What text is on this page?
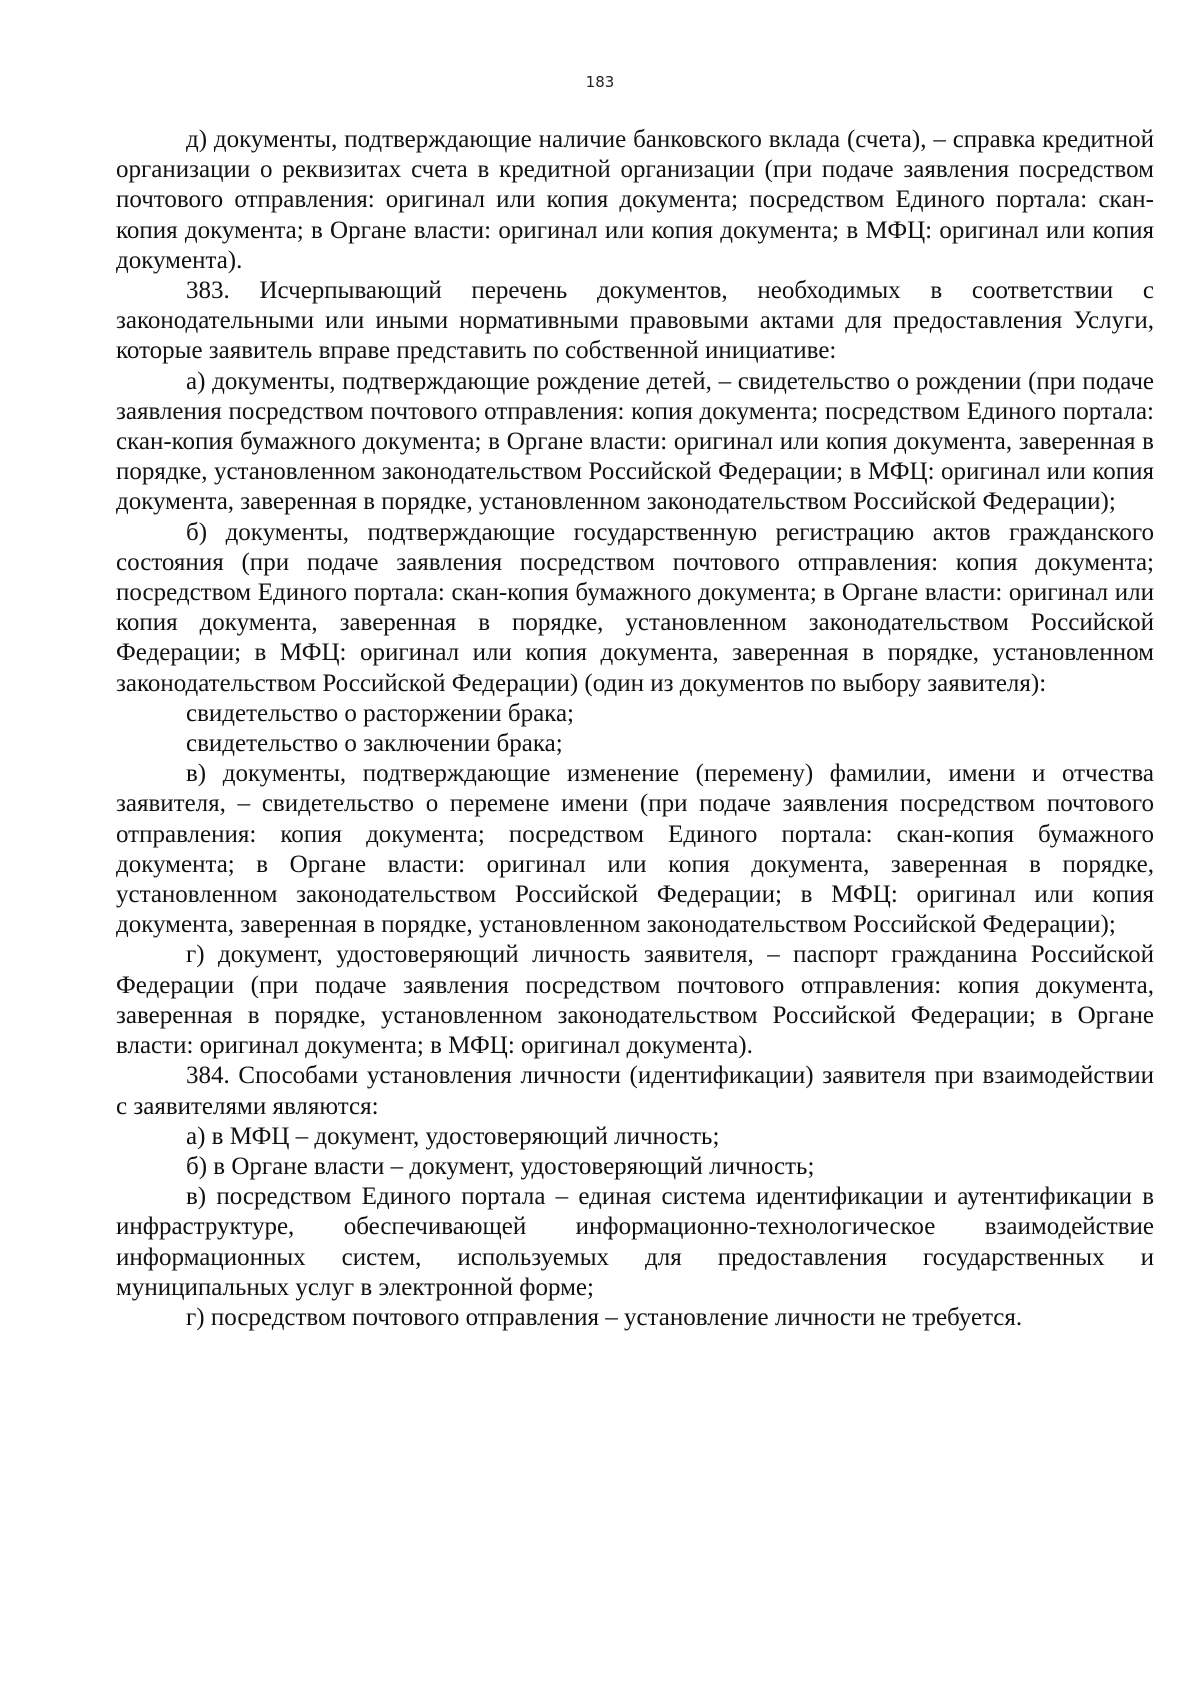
183

д) документы, подтверждающие наличие банковского вклада (счета), – справка кредитной организации о реквизитах счета в кредитной организации (при подаче заявления посредством почтового отправления: оригинал или копия документа; посредством Единого портала: скан-копия документа; в Органе власти: оригинал или копия документа; в МФЦ: оригинал или копия документа).

383. Исчерпывающий перечень документов, необходимых в соответствии с законодательными или иными нормативными правовыми актами для предоставления Услуги, которые заявитель вправе представить по собственной инициативе:

а) документы, подтверждающие рождение детей, – свидетельство о рождении (при подаче заявления посредством почтового отправления: копия документа; посредством Единого портала: скан-копия бумажного документа; в Органе власти: оригинал или копия документа, заверенная в порядке, установленном законодательством Российской Федерации; в МФЦ: оригинал или копия документа, заверенная в порядке, установленном законодательством Российской Федерации);

б) документы, подтверждающие государственную регистрацию актов гражданского состояния (при подаче заявления посредством почтового отправления: копия документа; посредством Единого портала: скан-копия бумажного документа; в Органе власти: оригинал или копия документа, заверенная в порядке, установленном законодательством Российской Федерации; в МФЦ: оригинал или копия документа, заверенная в порядке, установленном законодательством Российской Федерации) (один из документов по выбору заявителя):

свидетельство о расторжении брака;

свидетельство о заключении брака;

в) документы, подтверждающие изменение (перемену) фамилии, имени и отчества заявителя, – свидетельство о перемене имени (при подаче заявления посредством почтового отправления: копия документа; посредством Единого портала: скан-копия бумажного документа; в Органе власти: оригинал или копия документа, заверенная в порядке, установленном законодательством Российской Федерации; в МФЦ: оригинал или копия документа, заверенная в порядке, установленном законодательством Российской Федерации);

г) документ, удостоверяющий личность заявителя, – паспорт гражданина Российской Федерации (при подаче заявления посредством почтового отправления: копия документа, заверенная в порядке, установленном законодательством Российской Федерации; в Органе власти: оригинал документа; в МФЦ: оригинал документа).

384. Способами установления личности (идентификации) заявителя при взаимодействии с заявителями являются:

а) в МФЦ – документ, удостоверяющий личность;

б) в Органе власти – документ, удостоверяющий личность;

в) посредством Единого портала – единая система идентификации и аутентификации в инфраструктуре, обеспечивающей информационно-технологическое взаимодействие информационных систем, используемых для предоставления государственных и муниципальных услуг в электронной форме;

г) посредством почтового отправления – установление личности не требуется.
